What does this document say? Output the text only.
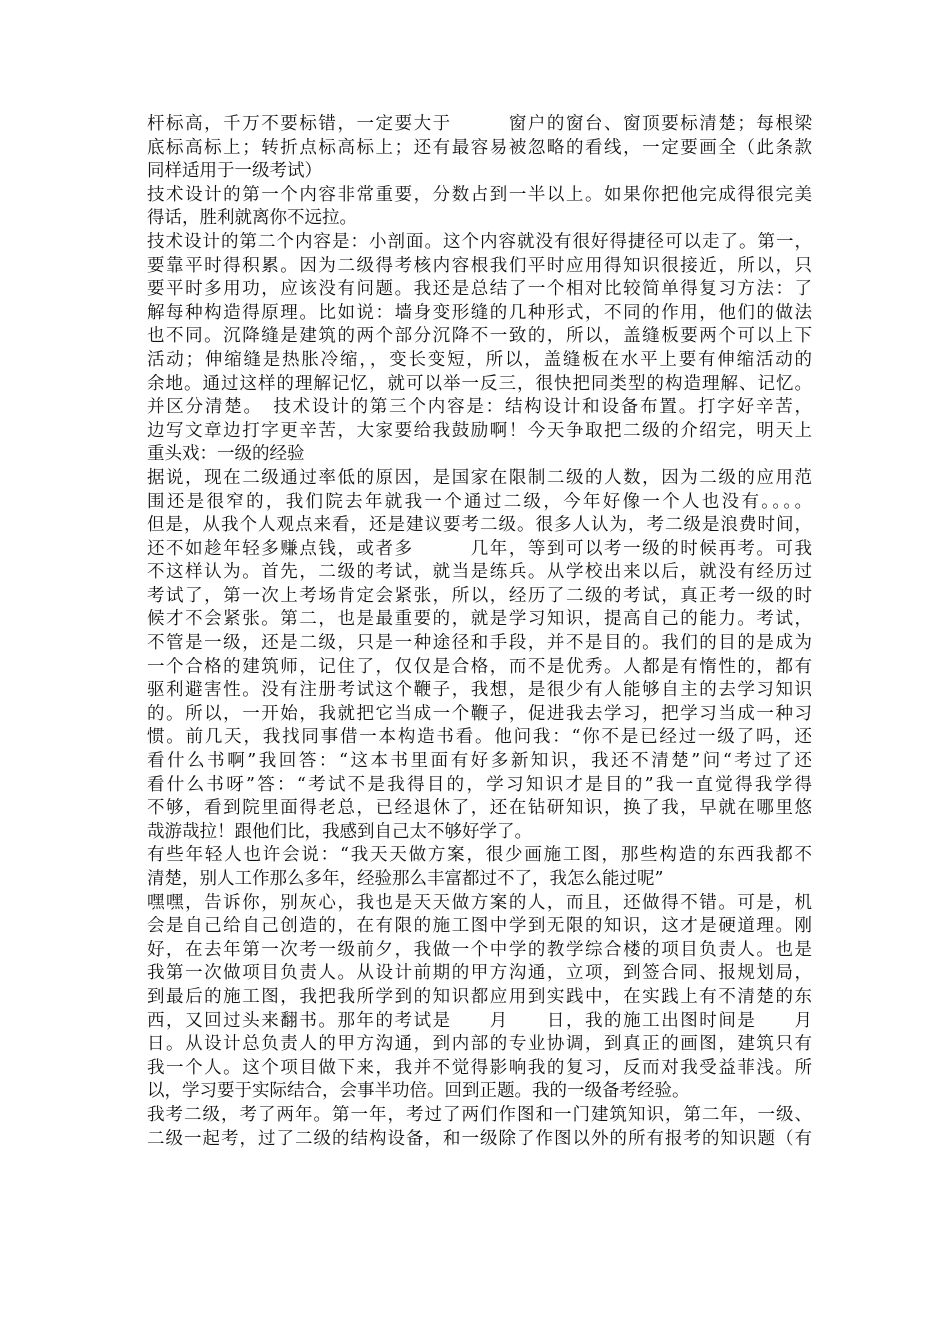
杆标高，千万不要标错，一定要大于　　　窗户的窗台、窗顶要标清楚；每根梁
底标高标上；转折点标高标上；还有最容易被忽略的看线，一定要画全（此条款
同样适用于一级考试）
技术设计的第一个内容非常重要，分数占到一半以上。如果你把他完成得很完美
得话，胜利就离你不远拉。
技术设计的第二个内容是：小剖面。这个内容就没有很好得捷径可以走了。第一，
要靠平时得积累。因为二级得考核内容根我们平时应用得知识很接近，所以，只
要平时多用功，应该没有问题。我还是总结了一个相对比较简单得复习方法：了
解每种构造得原理。比如说：墙身变形缝的几种形式，不同的作用，他们的做法
也不同。沉降缝是建筑的两个部分沉降不一致的，所以，盖缝板要两个可以上下
活动；伸缩缝是热胀冷缩，，变长变短，所以，盖缝板在水平上要有伸缩活动的
余地。通过这样的理解记忆，就可以举一反三，很快把同类型的构造理解、记忆。
并区分清楚。　技术设计的第三个内容是：结构设计和设备布置。打字好辛苦，
边写文章边打字更辛苦，大家要给我鼓励啊！今天争取把二级的介绍完，明天上
重头戏：一级的经验
据说，现在二级通过率低的原因，是国家在限制二级的人数，因为二级的应用范
围还是很窄的，我们院去年就我一个通过二级，今年好像一个人也没有。。。。
但是，从我个人观点来看，还是建议要考二级。很多人认为，考二级是浪费时间，
还不如趁年轻多赚点钱，或者多　　　几年，等到可以考一级的时候再考。可我
不这样认为。首先，二级的考试，就当是练兵。从学校出来以后，就没有经历过
考试了，第一次上考场肯定会紧张，所以，经历了二级的考试，真正考一级的时
候才不会紧张。第二，也是最重要的，就是学习知识，提高自己的能力。考试，
不管是一级，还是二级，只是一种途径和手段，并不是目的。我们的目的是成为
一个合格的建筑师，记住了，仅仅是合格，而不是优秀。人都是有惰性的，都有
驱利避害性。没有注册考试这个鞭子，我想，是很少有人能够自主的去学习知识
的。所以，一开始，我就把它当成一个鞭子，促进我去学习，把学习当成一种习
惯。前几天，我找同事借一本构造书看。他问我：“你不是已经过一级了吗，还
看什么书啊”我回答：“这本书里面有好多新知识，我还不清楚”问“考过了还
看什么书呀”答：“考试不是我得目的，学习知识才是目的”我一直觉得我学得
不够，看到院里面得老总，已经退休了，还在钻研知识，换了我，早就在哪里悠
哉游哉拉！跟他们比，我感到自己太不够好学了。
有些年轻人也许会说：“我天天做方案，很少画施工图，那些构造的东西我都不
清楚，别人工作那么多年，经验那么丰富都过不了，我怎么能过呢”
嘿嘿，告诉你，别灰心，我也是天天做方案的人，而且，还做得不错。可是，机
会是自己给自己创造的，在有限的施工图中学到无限的知识，这才是硬道理。刚
好，在去年第一次考一级前夕，我做一个中学的教学综合楼的项目负责人。也是
我第一次做项目负责人。从设计前期的甲方沟通，立项，到签合同、报规划局，
到最后的施工图，我把我所学到的知识都应用到实践中，在实践上有不清楚的东
西，又回过头来翻书。那年的考试是　　月　　日，我的施工出图时间是　　月
日。从设计总负责人的甲方沟通，到内部的专业协调，到真正的画图，建筑只有
我一个人。这个项目做下来，我并不觉得影响我的复习，反而对我受益菲浅。所
以，学习要于实际结合，会事半功倍。回到正题。我的一级备考经验。
我考二级，考了两年。第一年，考过了两们作图和一门建筑知识，第二年，一级、
二级一起考，过了二级的结构设备，和一级除了作图以外的所有报考的知识题（有
